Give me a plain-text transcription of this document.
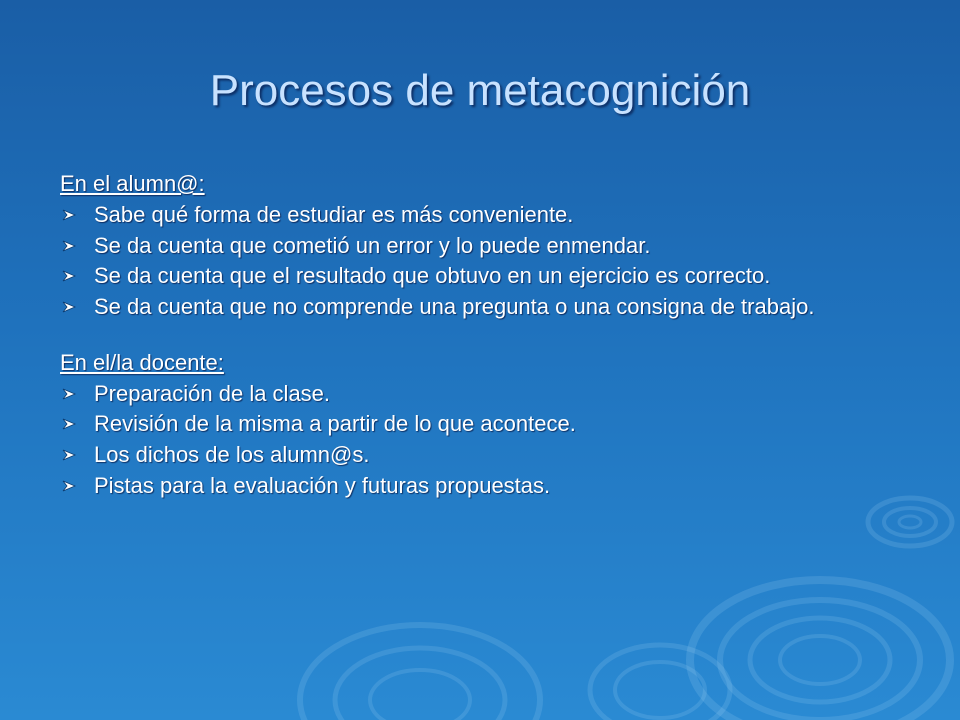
Procesos de metacognición
En el alumn@:
Sabe qué forma de estudiar es más conveniente.
Se da cuenta que cometió un error y lo puede enmendar.
Se da cuenta que el resultado que obtuvo en un ejercicio es correcto.
Se da cuenta que no comprende una pregunta o una consigna de trabajo.
En el/la docente:
Preparación de la clase.
Revisión de la misma a partir de lo que acontece.
Los dichos de los alumn@s.
Pistas para la evaluación y futuras propuestas.
